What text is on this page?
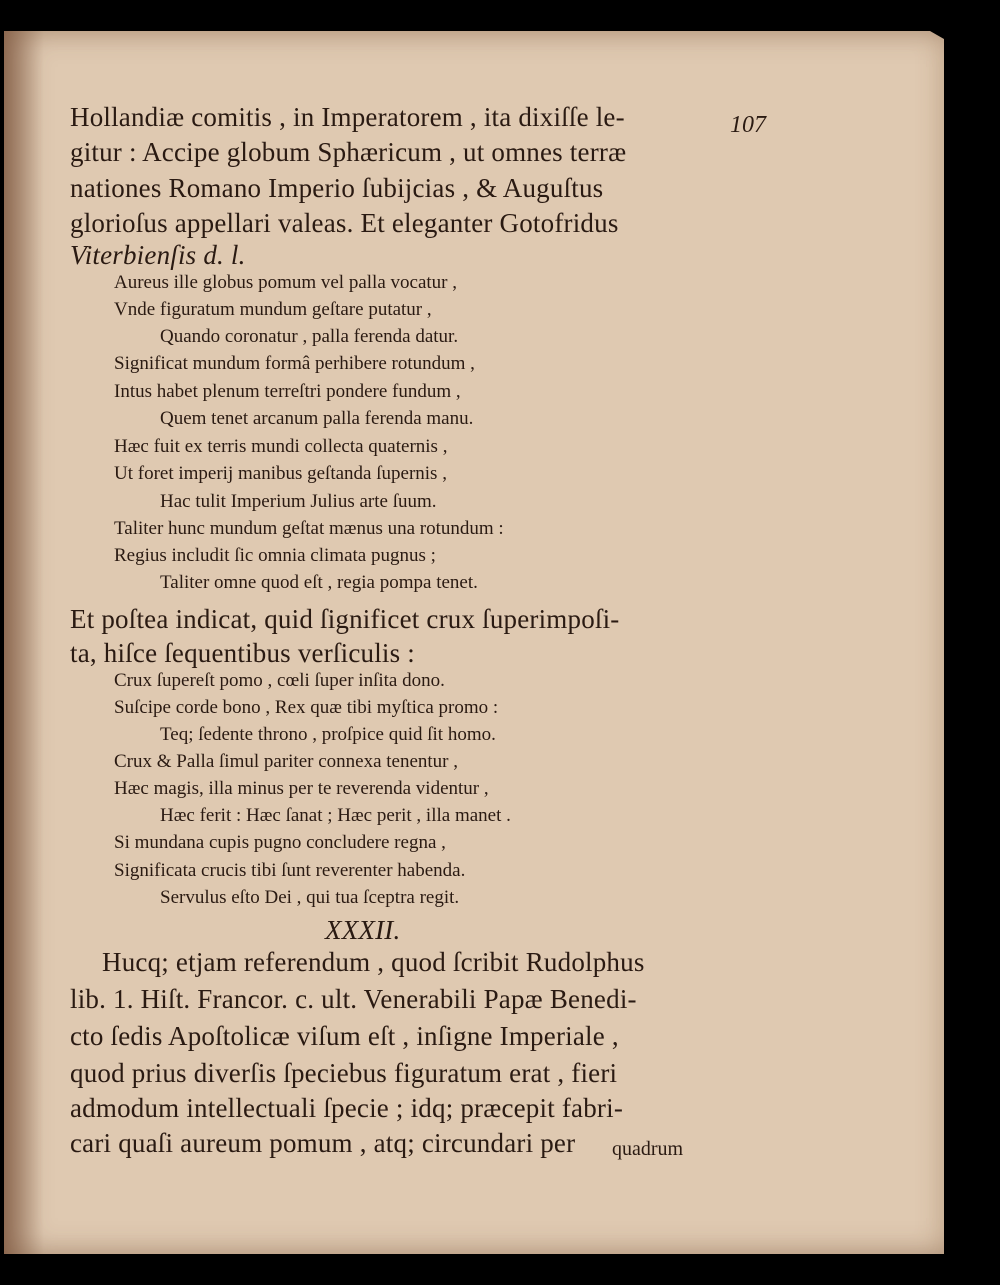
107
Hollandiæ comitis , in Imperatorem , ita dixiſſe le-
gitur : Accipe globum Sphæricum , ut omnes terræ
nationes Romano Imperio ſubijcias , & Auguſtus
glorioſus appellari valeas. Et eleganter Gotofridus
Viterbienſis d. l.
Aureus ille globus pomum vel palla vocatur ,
Vnde figuratum mundum geſtare putatur ,
Quando coronatur , palla ferenda datur.
Significat mundum formâ perhibere rotundum ,
Intus habet plenum terreſtri pondere fundum ,
Quem tenet arcanum palla ferenda manu.
Hæc fuit ex terris mundi collecta quaternis ,
Ut foret imperij manibus geſtanda ſupernis ,
Hac tulit Imperium Julius arte ſuum.
Taliter hunc mundum geſtat mænus una rotundum :
Regius includit ſic omnia climata pugnus ;
Taliter omne quod eſt , regia pompa tenet.
Et poſtea indicat, quid ſignificet crux ſuperimpoſi-
ta, hiſce ſequentibus verſiculis :
Crux ſupereſt pomo , cœli ſuper inſita dono.
Suſcipe corde bono , Rex quæ tibi myſtica promo :
Teq; ſedente throno , proſpice quid ſit homo.
Crux & Palla ſimul pariter connexa tenentur ,
Hæc magis, illa minus per te reverenda videntur ,
Hæc ferit : Hæc ſanat ; Hæc perit , illa manet .
Si mundana cupis pugno concludere regna ,
Significata crucis tibi ſunt reverenter habenda.
Servulus eſto Dei , qui tua ſceptra regit.
XXXII.
Hucq; etjam referendum , quod ſcribit Rudolphus
lib. 1. Hiſt. Francor. c. ult. Venerabili Papæ Benedi-
cto ſedis Apoſtolicæ viſum eſt , inſigne Imperiale ,
quod prius diverſis ſpeciebus figuratum erat , fieri
admodum intellectuali ſpecie ; idq; præcepit fabri-
cari quaſi aureum pomum , atq; circundari per quadrum
